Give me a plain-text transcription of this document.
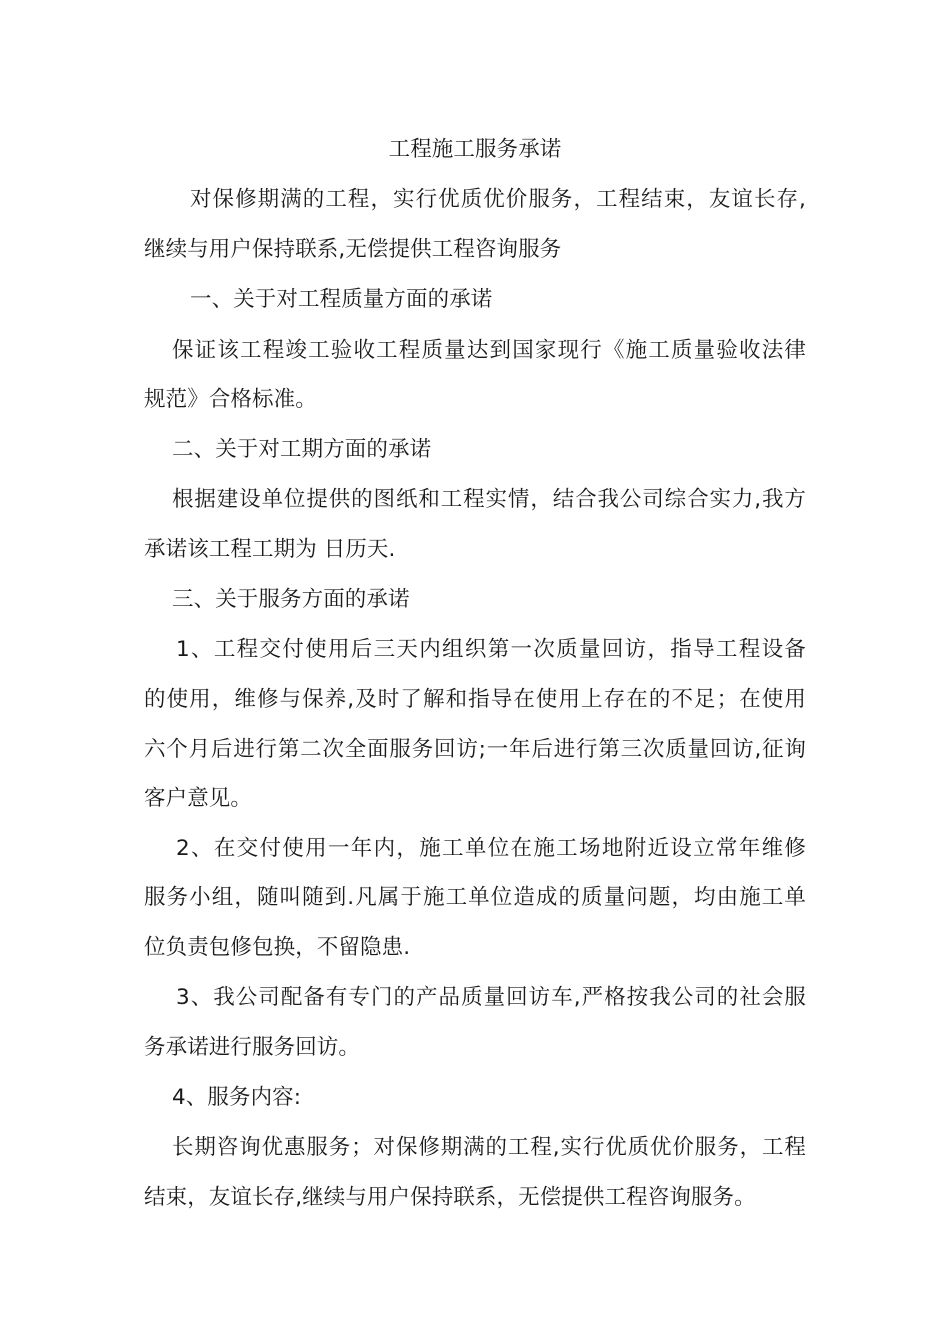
工程施工服务承诺

对保修期满的工程，实行优质优价服务，工程结束，友谊长存,

继续与用户保持联系,无偿提供工程咨询服务

一、关于对工程质量方面的承诺

保证该工程竣工验收工程质量达到国家现行《施工质量验收法律

规范》合格标准。

二、关于对工期方面的承诺

根据建设单位提供的图纸和工程实情，结合我公司综合实力,我方

承诺该工程工期为 日历天.

三、关于服务方面的承诺

1、工程交付使用后三天内组织第一次质量回访，指导工程设备

的使用，维修与保养,及时了解和指导在使用上存在的不足；在使用

六个月后进行第二次全面服务回访;一年后进行第三次质量回访,征询

客户意见。

2、在交付使用一年内，施工单位在施工场地附近设立常年维修

服务小组，随叫随到.凡属于施工单位造成的质量问题，均由施工单

位负责包修包换，不留隐患.

3、我公司配备有专门的产品质量回访车,严格按我公司的社会服

务承诺进行服务回访。

4、服务内容:

长期咨询优惠服务；对保修期满的工程,实行优质优价服务，工程

结束，友谊长存,继续与用户保持联系，无偿提供工程咨询服务。
